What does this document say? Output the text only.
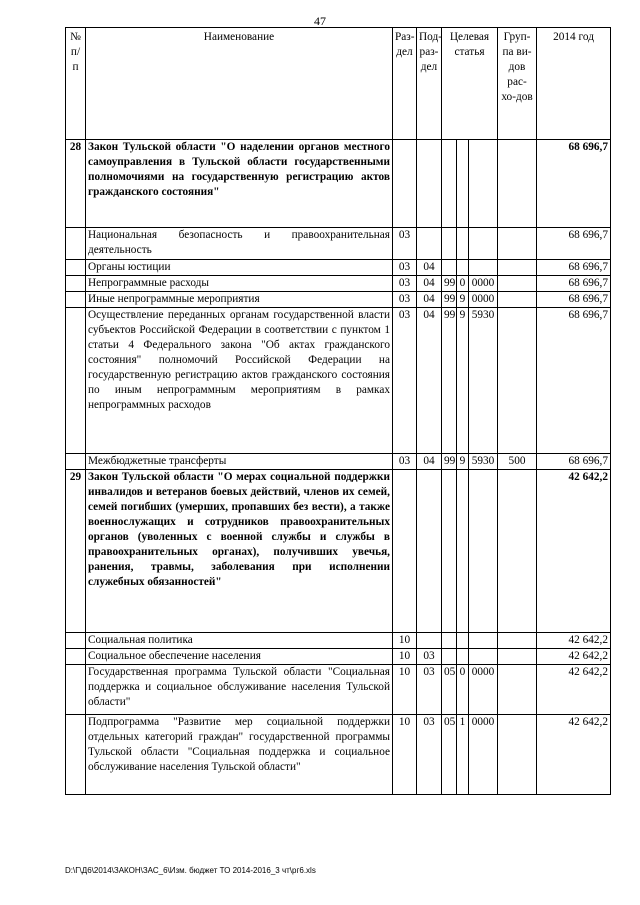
47
№ п/ п	Наименование	Раз-дел	Под-раз-дел	Целевая статья			Груп-па ви-дов рас-хо-дов	2014 год
28	Закон Тульской области "О наделении органов местного самоуправления в Тульской области государственными полномочиями на государственную регистрацию актов гражданского состояния"							68 696,7
	Национальная безопасность и правоохранительная деятельность	03						68 696,7
	Органы юстиции	03	04					68 696,7
	Непрограммные расходы	03	04	99	0	0000		68 696,7
	Иные непрограммные мероприятия	03	04	99	9	0000		68 696,7
	Осуществление переданных органам государственной власти субъектов Российской Федерации в соответствии с пунктом 1 статьи 4 Федерального закона "Об актах гражданского состояния" полномочий Российской Федерации на государственную регистрацию актов гражданского состояния по иным непрограммным мероприятиям в рамках непрограммных расходов	03	04	99	9	5930		68 696,7
	Межбюджетные трансферты	03	04	99	9	5930	500	68 696,7
29	Закон Тульской области "О мерах социальной поддержки инвалидов и ветеранов боевых действий, членов их семей, семей погибших (умерших, пропавших без вести), а также военнослужащих и сотрудников правоохранительных органов (уволенных с военной службы и службы в правоохранительных органах), получивших увечья, ранения, травмы, заболевания при исполнении служебных обязанностей"							42 642,2
	Социальная политика	10						42 642,2
	Социальное обеспечение населения	10	03					42 642,2
	Государственная программа Тульской области "Социальная поддержка и социальное обслуживание населения Тульской области"	10	03	05	0	0000		42 642,2
	Подпрограмма "Развитие мер социальной поддержки отдельных категорий граждан" государственной программы Тульской области "Социальная поддержка и социальное обслуживание населения Тульской области"	10	03	05	1	0000		42 642,2
D:\Г\Д6\2014\ЗАКОН\ЗАС_6\Изм. бюджет ТО 2014-2016_3 чт\рг6.xls
